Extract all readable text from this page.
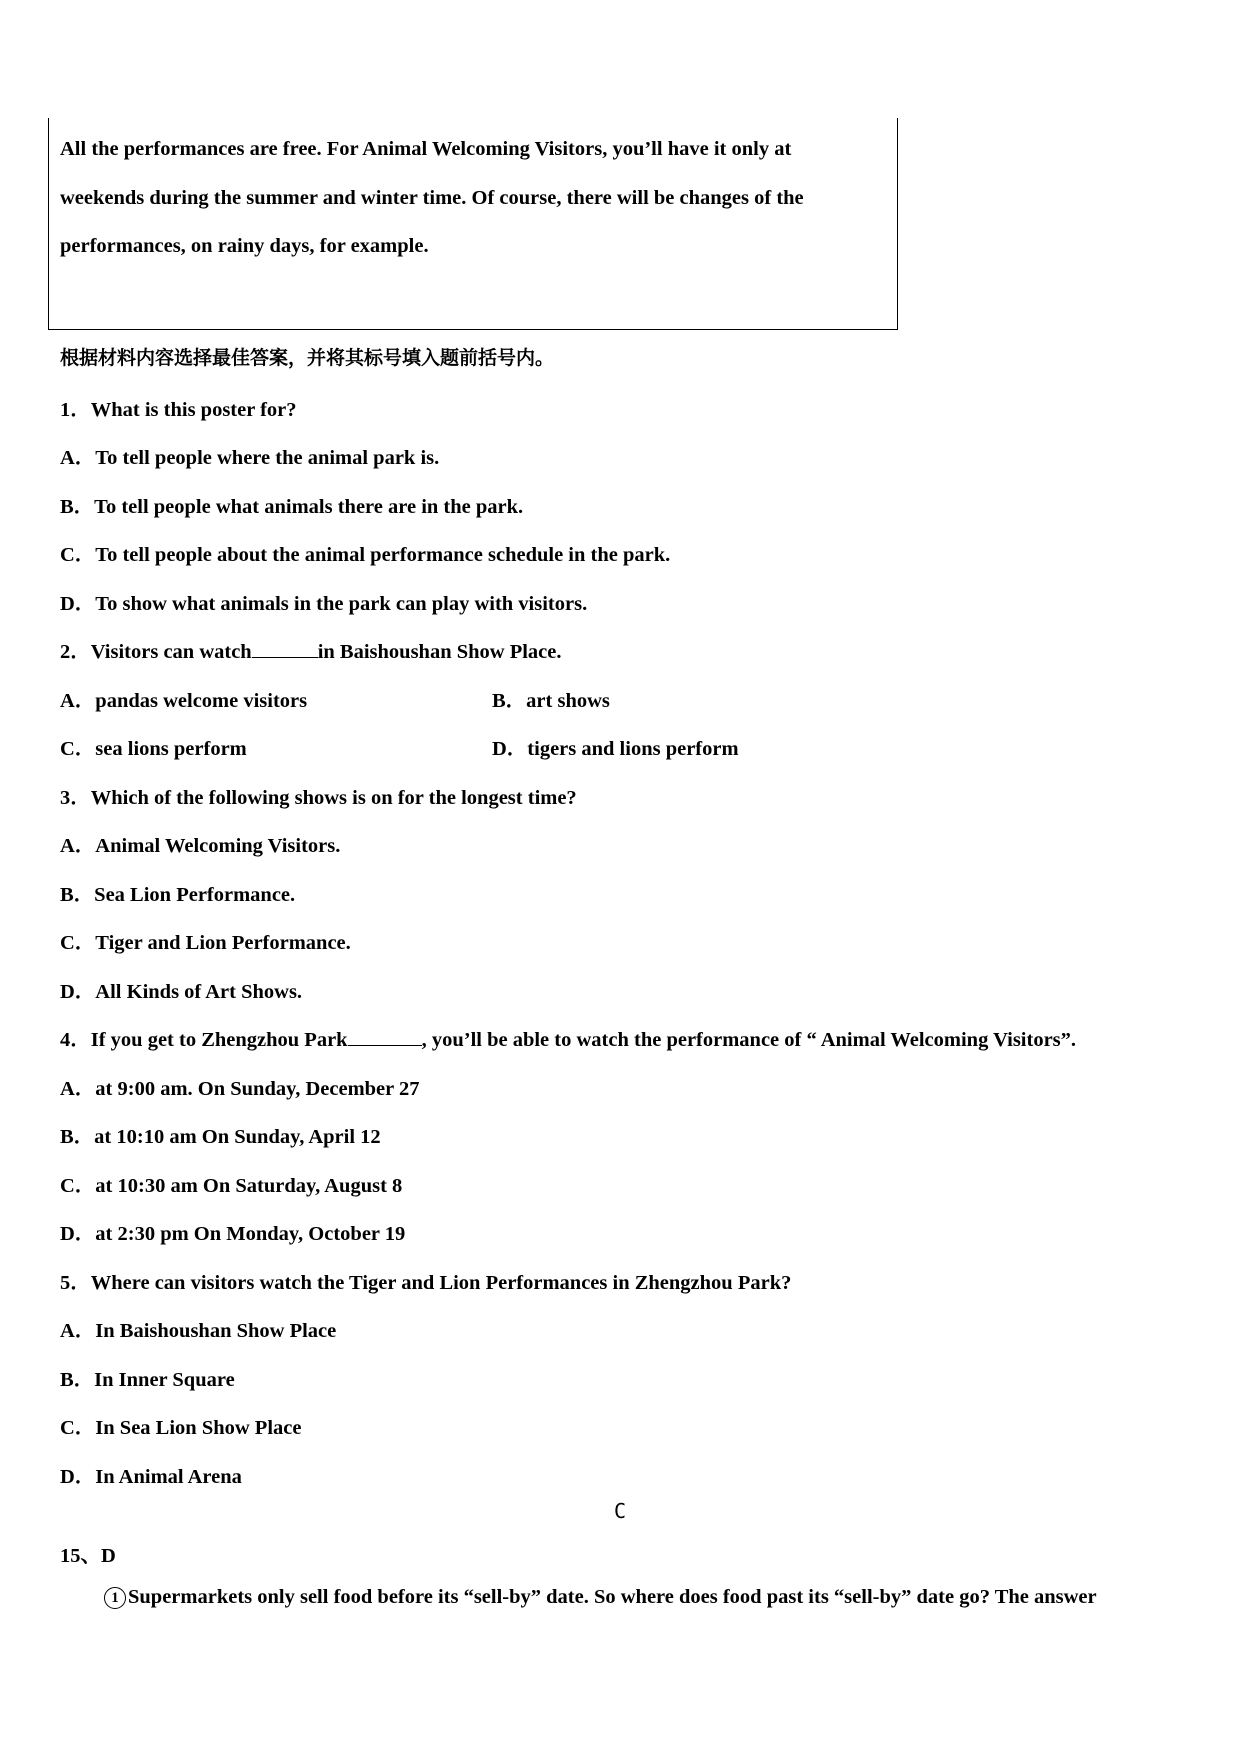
All the performances are free. For Animal Welcoming Visitors, you’ll have it only at
weekends during the summer and winter time. Of course, there will be changes of the
performances, on rainy days, for example.
根据材料内容选择最佳答案，并将其标号填入题前括号内。
1．What is this poster for?
A．To tell people where the animal park is.
B．To tell people what animals there are in the park.
C．To tell people about the animal performance schedule in the park.
D．To show what animals in the park can play with visitors.
2．Visitors can watch	in Baishoushan Show Place.
A．pandas welcome visitors	B．art shows
C．sea lions perform	D．tigers and lions perform
3．Which of the following shows is on for the longest time?
A．Animal Welcoming Visitors.
B．Sea Lion Performance.
C．Tiger and Lion Performance.
D．All Kinds of Art Shows.
4．If you get to Zhengzhou Park	, you’ll be able to watch the performance of “ Animal Welcoming Visitors”.
A．at 9:00 am. On Sunday, December 27
B．at 10:10 am On Sunday, April 12
C．at 10:30 am On Saturday, August 8
D．at 2:30 pm On Monday, October 19
5．Where can visitors watch the Tiger and Lion Performances in Zhengzhou Park?
A．In Baishoushan Show Place
B．In Inner Square
C．In Sea Lion Show Place
D．In Animal Arena
C
15、D
1 Supermarkets only sell food before its “sell-by” date. So where does food past its “sell-by” date go? The answer
